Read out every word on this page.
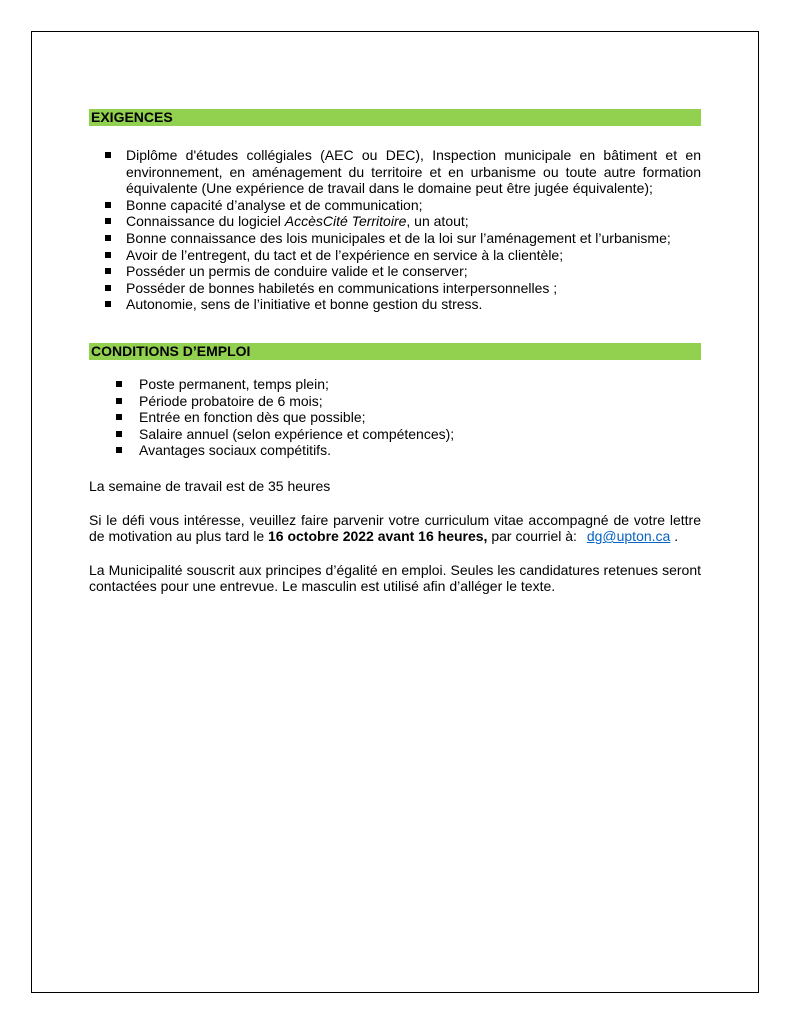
EXIGENCES
Diplôme d'études collégiales (AEC ou DEC), Inspection municipale en bâtiment et en environnement, en aménagement du territoire et en urbanisme ou toute autre formation équivalente (Une expérience de travail dans le domaine peut être jugée équivalente);
Bonne capacité d’analyse et de communication;
Connaissance du logiciel AccèsCité Territoire, un atout;
Bonne connaissance des lois municipales et de la loi sur l’aménagement et l’urbanisme;
Avoir de l’entregent, du tact et de l’expérience en service à la clientèle;
Posséder un permis de conduire valide et le conserver;
Posséder de bonnes habiletés en communications interpersonnelles ;
Autonomie, sens de l’initiative et bonne gestion du stress.
CONDITIONS D’EMPLOI
Poste permanent, temps plein;
Période probatoire de 6 mois;
Entrée en fonction dès que possible;
Salaire annuel (selon expérience et compétences);
Avantages sociaux compétitifs.

La semaine de travail est de 35 heures

Si le défi vous intéresse, veuillez faire parvenir votre curriculum vitae accompagné de votre lettre de motivation au plus tard le 16 octobre 2022 avant 16 heures, par courriel à: dg@upton.ca .

La Municipalité souscrit aux principes d’égalité en emploi. Seules les candidatures retenues seront contactées pour une entrevue. Le masculin est utilisé afin d’alléger le texte.
